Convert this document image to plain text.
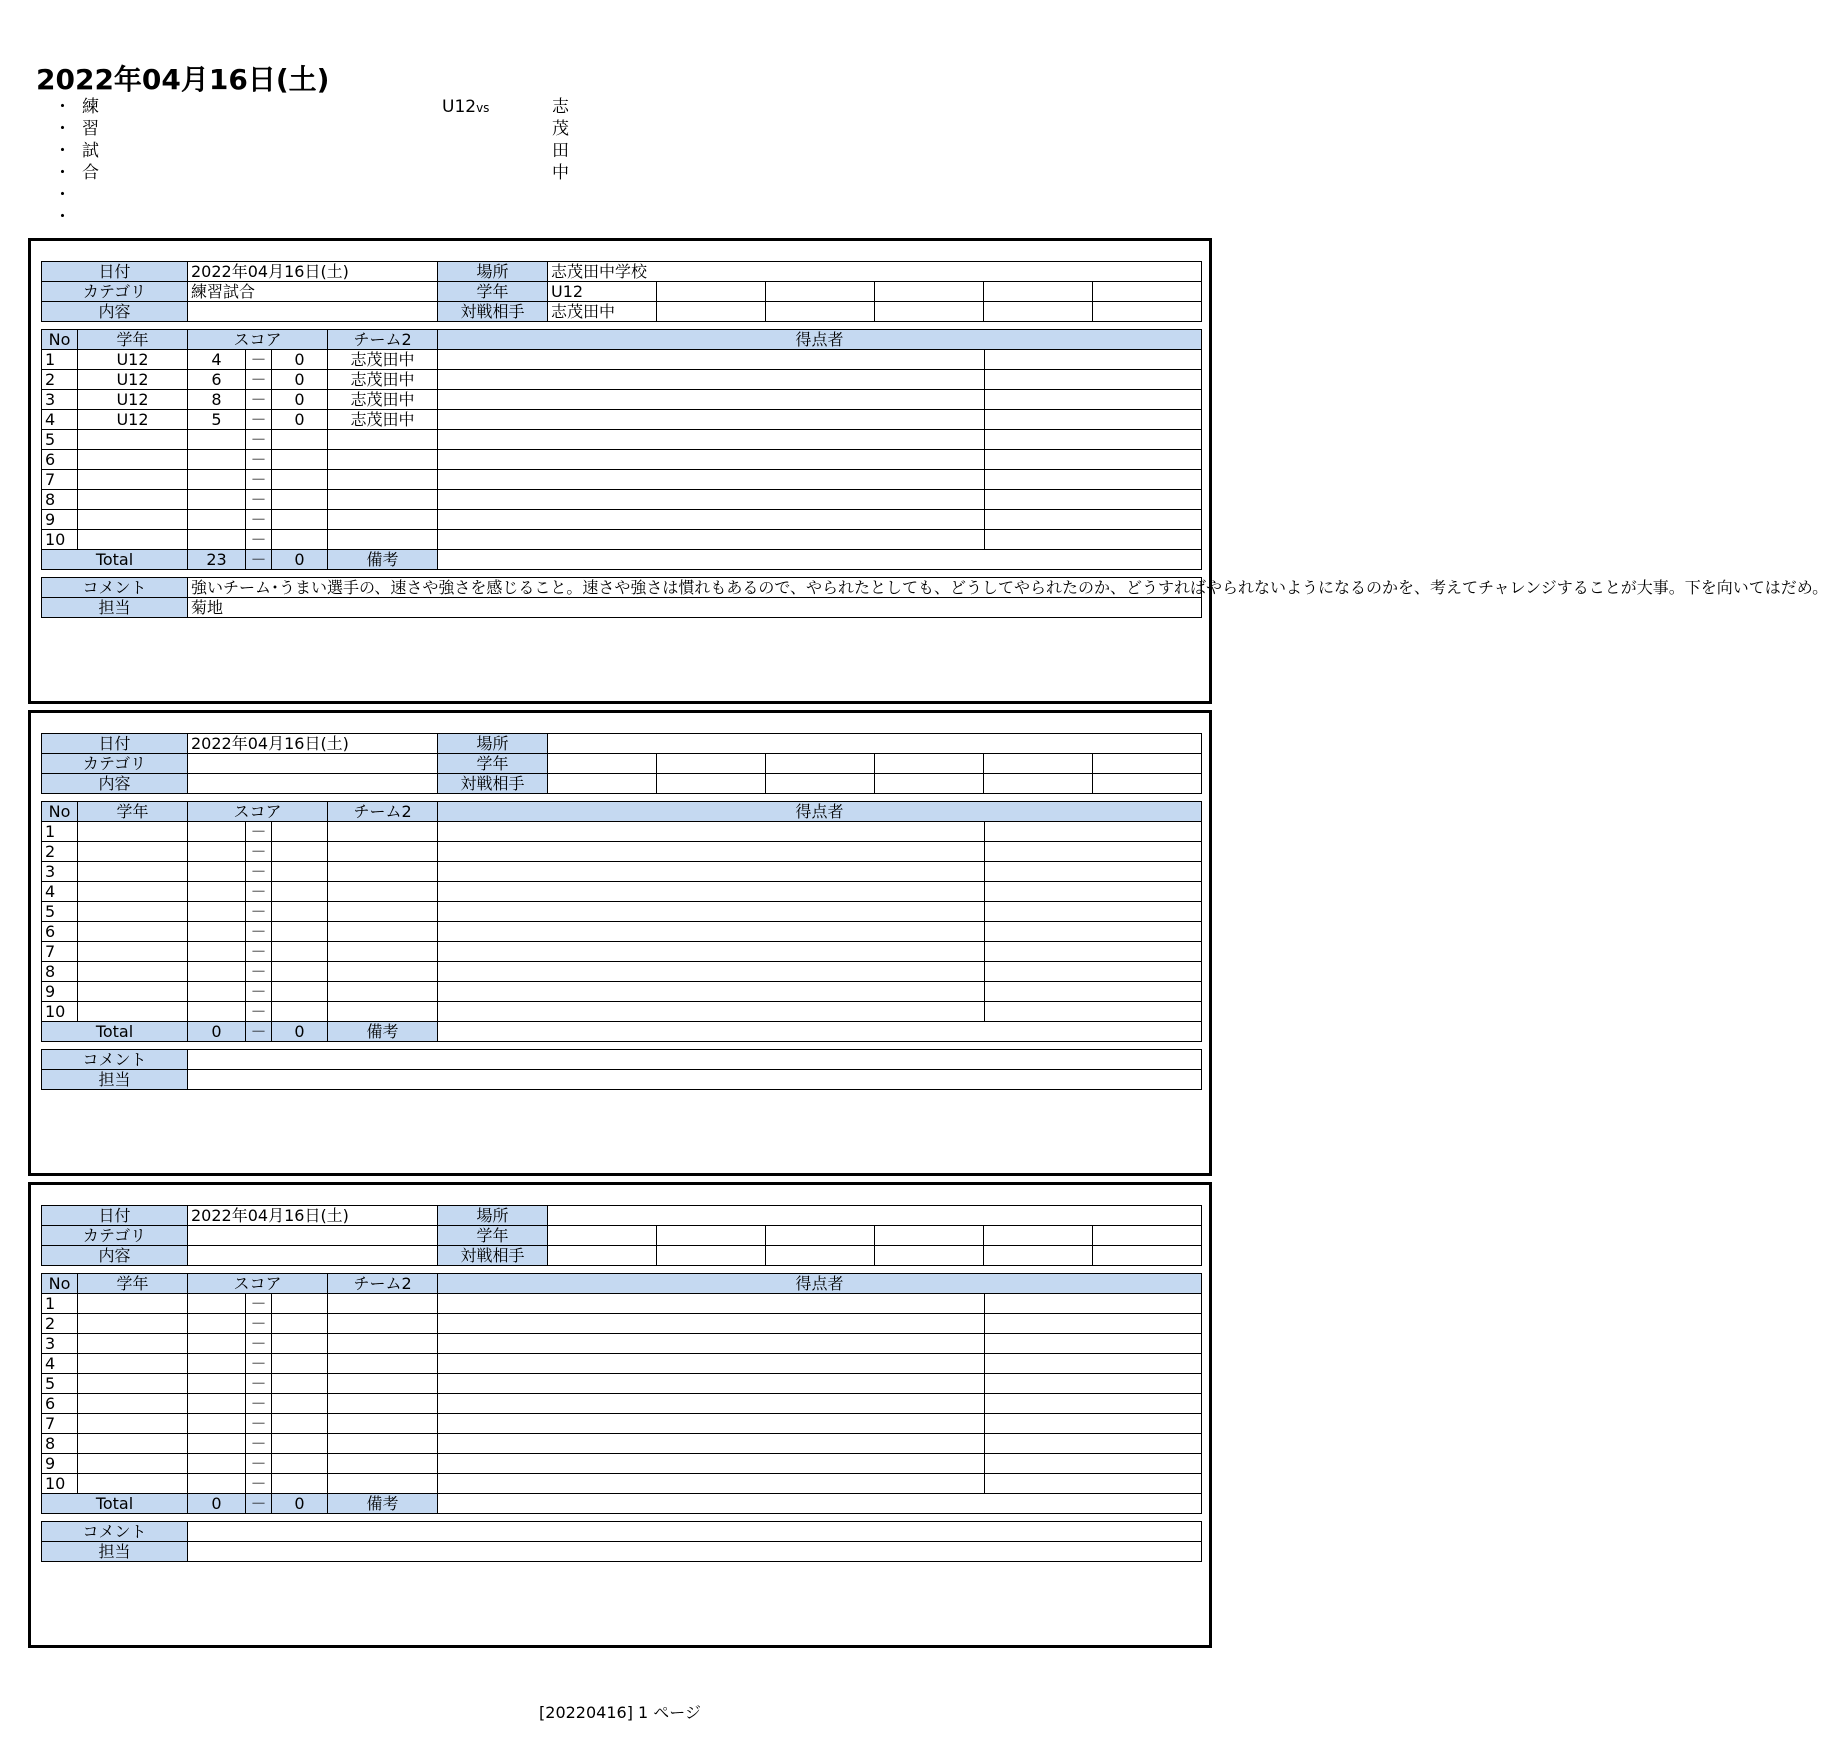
2022年04月16日(土)
・ 練習試合
U12vs	志茂田中
・
・
・
・
・
日付	2022年04月16日(土)	場所	志茂田中学校					
カテゴリ	練習試合	学年	U12					
内容		対戦相手	志茂田中					
No	学年	スコア			チーム2	得点者	
1	U12	4	－	0	志茂田中		
2	U12	6	－	0	志茂田中		
3	U12	8	－	0	志茂田中		
4	U12	5	－	0	志茂田中		
5			－				
6			－				
7			－				
8			－				
9			－				
10			－				
Total		23	－	0	備考		
コメント	強いチーム･うまい選手の、速さや強さを感じること。速さや強さは慣れもあるので、やられたとしても、どうしてやられたのか、どうすればやられないようになるのかを、考えてチャレンジすることが大事。下を向いてはだめ。
担当	菊地
日付	2022年04月16日(土)	場所						
カテゴリ		学年						
内容		対戦相手						
No	学年	スコア			チーム2	得点者	
1			－				
2			－				
3			－				
4			－				
5			－				
6			－				
7			－				
8			－				
9			－				
10			－				
Total		0	－	0	備考		
コメント	
担当	
日付	2022年04月16日(土)	場所						
カテゴリ		学年						
内容		対戦相手						
No	学年	スコア			チーム2	得点者	
1			－				
2			－				
3			－				
4			－				
5			－				
6			－				
7			－				
8			－				
9			－				
10			－				
Total		0	－	0	備考		
コメント	
担当	
[20220416] 1 ページ
